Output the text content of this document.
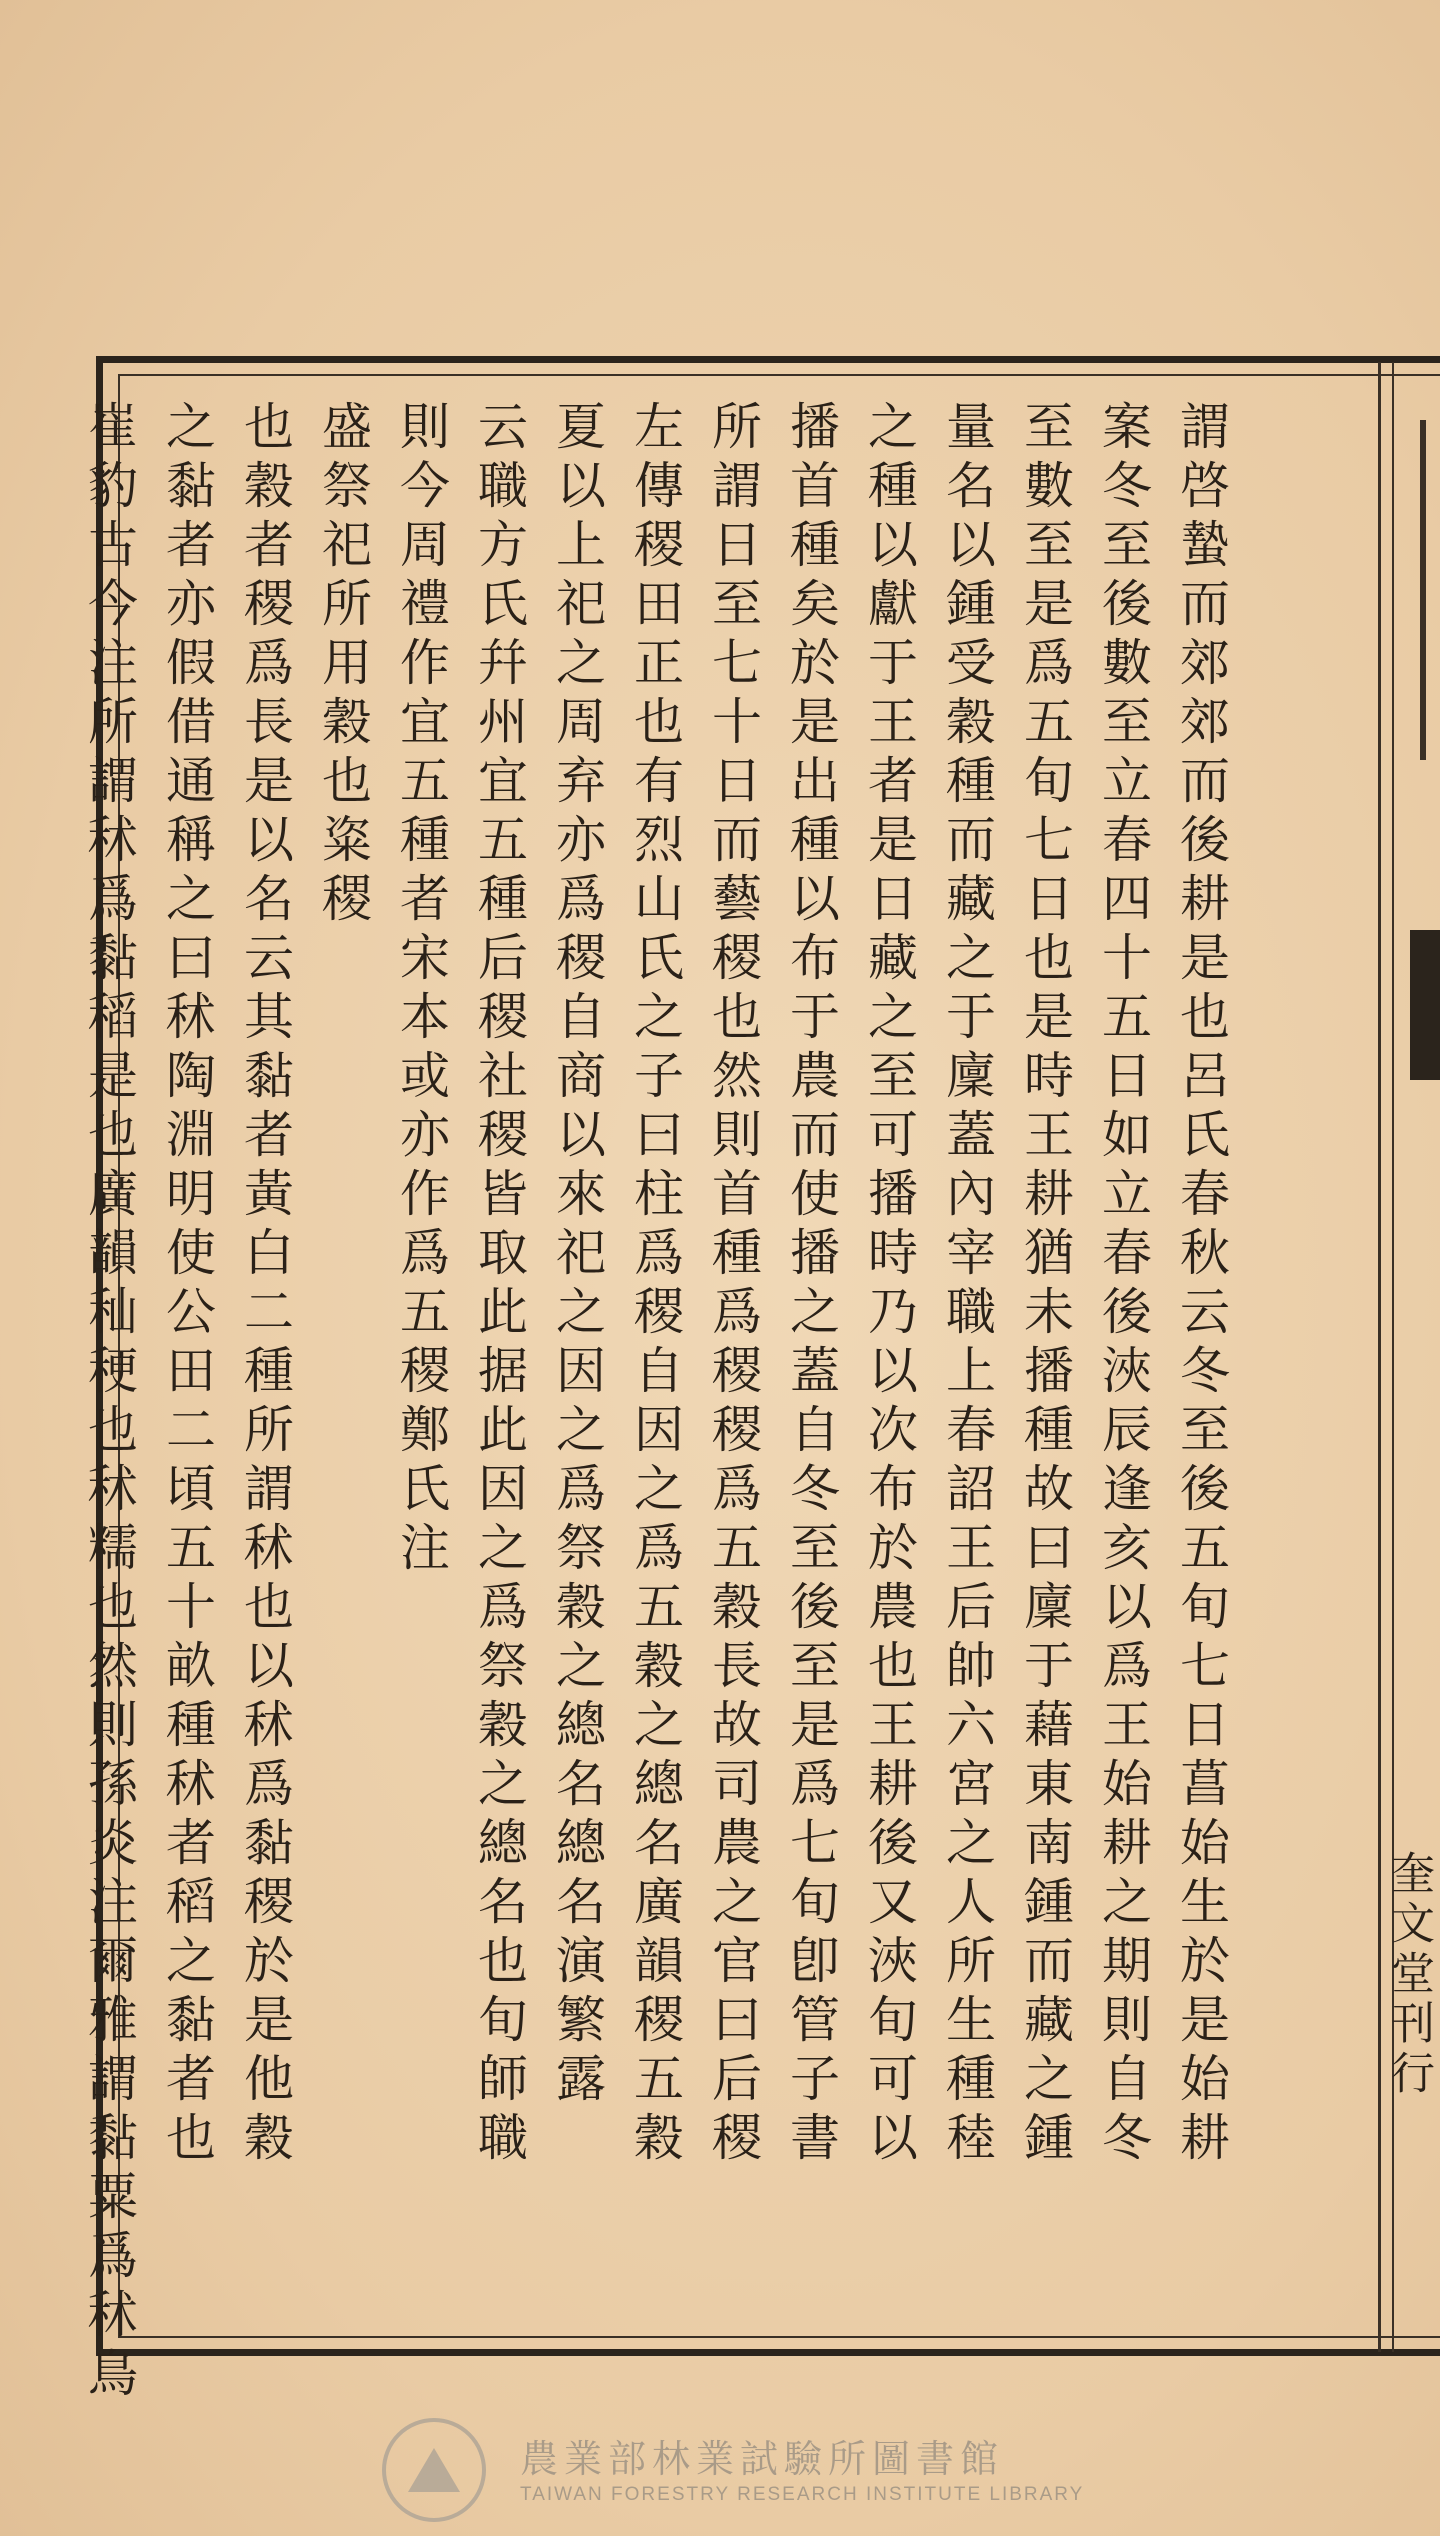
奎文堂刊行
謂啓蟄而郊郊而後耕是也呂氏春秋云冬至後五旬七日菖始生於是始耕
案冬至後數至立春四十五日如立春後浹辰逢亥以爲王始耕之期則自冬
至數至是爲五旬七日也是時王耕猶未播種故曰廩于藉東南鍾而藏之鍾
量名以鍾受穀種而藏之于廩蓋內宰職上春詔王后帥六宮之人所生種稑
之種以獻于王者是日藏之至可播時乃以次布於農也王耕後又浹旬可以
播首種矣於是出種以布于農而使播之蓋自冬至後至是爲七旬卽管子書
所謂日至七十日而藝稷也然則首種爲稷稷爲五穀長故司農之官曰后稷
左傳稷田正也有烈山氏之子曰柱爲稷自因之爲五穀之總名廣韻稷五穀
夏以上祀之周弃亦爲稷自商以來祀之因之爲祭穀之總名總名演繁露
云職方氏幷州宜五種后稷社稷皆取此据此因之爲祭穀之總名也旬師職
則今周禮作宜五種者宋本或亦作爲五稷鄭氏注
盛祭祀所用穀也粢稷
也穀者稷爲長是以名云其黏者黃白二種所謂秫也以秫爲黏稷於是他穀
之黏者亦假借通稱之曰秫陶淵明使公田二頃五十畝種秫者稻之黏者也
崔豹古今注所謂秫爲黏稻是也廣韻秈稉也秫糯也然則孫炎注爾雅謂黏粟爲秫鳥
農業部林業試驗所圖書館
TAIWAN FORESTRY RESEARCH INSTITUTE LIBRARY
